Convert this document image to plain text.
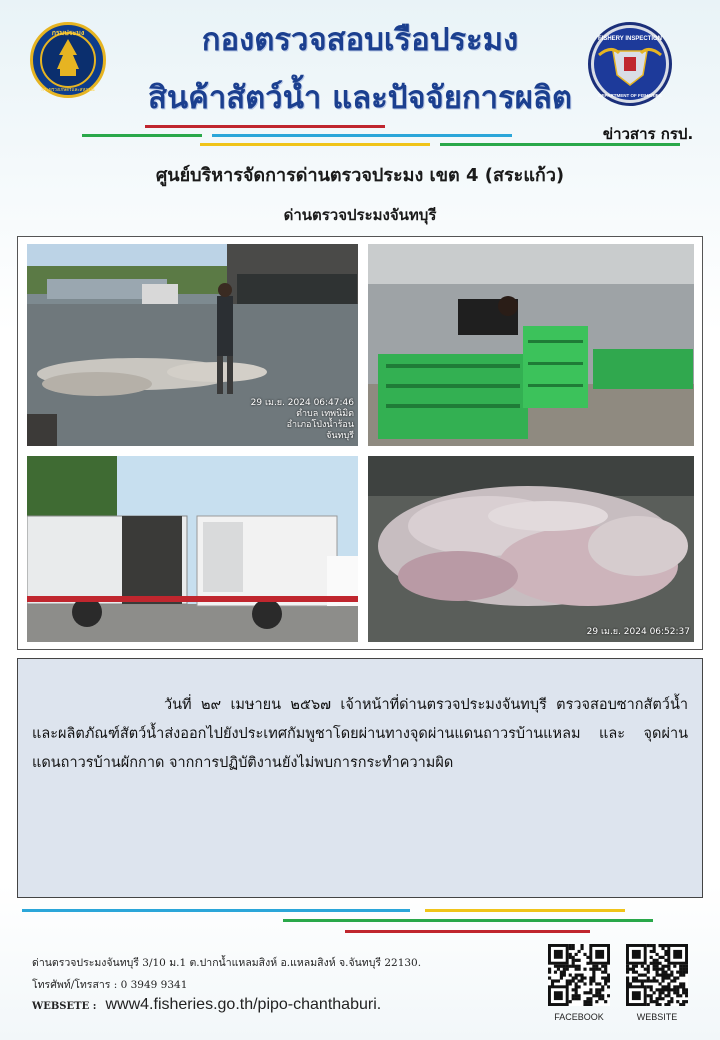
กรมประมง
กระทรวงเกษตรและสหกรณ์
FISHERY INSPECTION
DEPARTMENT OF FISHERIES
กองตรวจสอบเรือประมง
สินค้าสัตว์น้ำ และปัจจัยการผลิต
ข่าวสาร กรป.
ศูนย์บริหารจัดการด่านตรวจประมง เขต 4 (สระแก้ว)
ด่านตรวจประมงจันทบุรี
29 เม.ย. 2024 06:47:46
ตำบล เทพนิมิต
อำเภอโป่งน้ำร้อน
จันทบุรี
29 เม.ย. 2024 06:52:37

วันที่ ๒๙ เมษายน ๒๕๖๗ เจ้าหน้าที่ด่านตรวจประมงจันทบุรี ตรวจสอบซากสัตว์น้ำและผลิตภัณฑ์สัตว์น้ำส่งออกไปยังประเทศกัมพูชาโดยผ่านทางจุดผ่านแดนถาวรบ้านแหลม และ จุดผ่านแดนถาวรบ้านผักกาด จากการปฏิบัติงานยังไม่พบการกระทำความผิด

ด่านตรวจประมงจันทบุรี 3/10 ม.1 ต.ปากน้ำแหลมสิงห์ อ.แหลมสิงห์ จ.จันทบุรี 22130.
โทรศัพท์/โทรสาร : 0 3949 9341
WEBSETE : www4.fisheries.go.th/pipo-chanthaburi.
FACEBOOK	WEBSITE
